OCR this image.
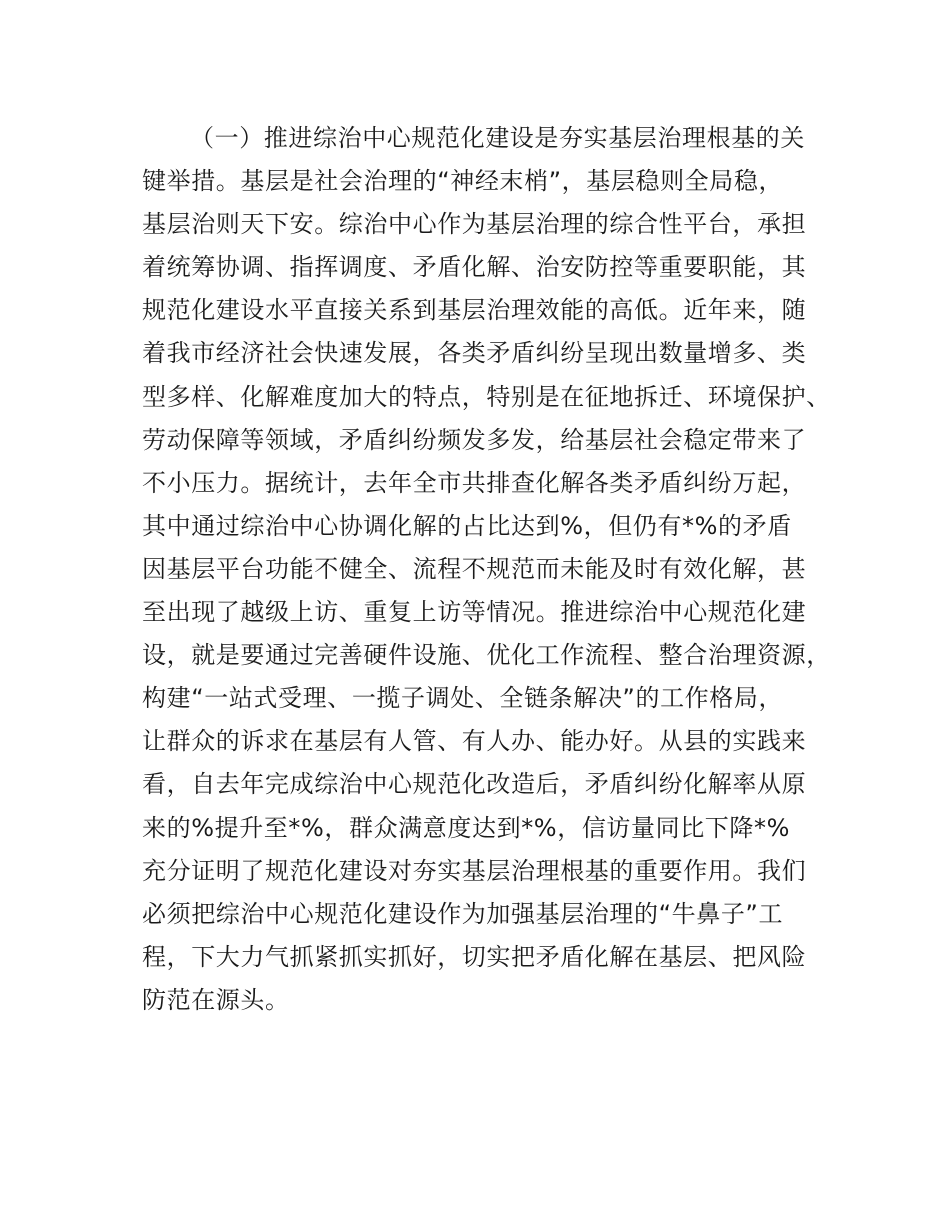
（一）推进综治中心规范化建设是夯实基层治理根基的关
键举措。基层是社会治理的“神经末梢”，基层稳则全局稳，
基层治则天下安。综治中心作为基层治理的综合性平台，承担
着统筹协调、指挥调度、矛盾化解、治安防控等重要职能，其
规范化建设水平直接关系到基层治理效能的高低。近年来，随
着我市经济社会快速发展，各类矛盾纠纷呈现出数量增多、类
型多样、化解难度加大的特点，特别是在征地拆迁、环境保护、
劳动保障等领域，矛盾纠纷频发多发，给基层社会稳定带来了
不小压力。据统计，去年全市共排查化解各类矛盾纠纷万起，
其中通过综治中心协调化解的占比达到%，但仍有*%的矛盾
因基层平台功能不健全、流程不规范而未能及时有效化解，甚
至出现了越级上访、重复上访等情况。推进综治中心规范化建
设，就是要通过完善硬件设施、优化工作流程、整合治理资源，
构建“一站式受理、一揽子调处、全链条解决”的工作格局，
让群众的诉求在基层有人管、有人办、能办好。从县的实践来
看，自去年完成综治中心规范化改造后，矛盾纠纷化解率从原
来的%提升至*%，群众满意度达到*%，信访量同比下降*%
充分证明了规范化建设对夯实基层治理根基的重要作用。我们
必须把综治中心规范化建设作为加强基层治理的“牛鼻子”工
程，下大力气抓紧抓实抓好，切实把矛盾化解在基层、把风险
防范在源头。
